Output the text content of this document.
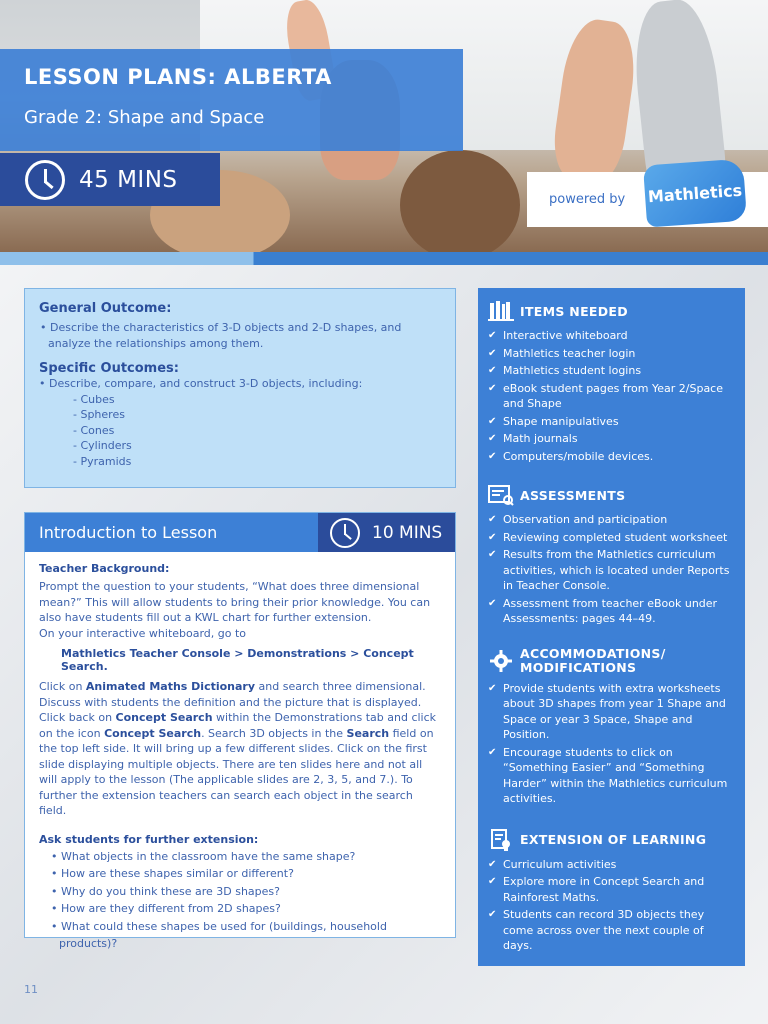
LESSON PLANS: ALBERTA
Grade 2: Shape and Space
45 MINS
powered by Mathletics
General Outcome:

• Describe the characteristics of 3-D objects and 2-D shapes, and analyze the relationships among them.

Specific Outcomes:

• Describe, compare, and construct 3-D objects, including:

- Cubes
- Spheres
- Cones
- Cylinders
- Pyramids
Introduction to Lesson	10 MINS
Teacher Background:

Prompt the question to your students, “What does three dimensional mean?” This will allow students to bring their prior knowledge. You can also have students fill out a KWL chart for further extension.

On your interactive whiteboard, go to

Mathletics Teacher Console > Demonstrations > Concept Search.

Click on Animated Maths Dictionary and search three dimensional. Discuss with students the definition and the picture that is displayed. Click back on Concept Search within the Demonstrations tab and click on the icon Concept Search. Search 3D objects in the Search field on the top left side. It will bring up a few different slides. Click on the first slide displaying multiple objects. There are ten slides here and not all will apply to the lesson (The applicable slides are 2, 3, 5, and 7.). To further the extension teachers can search each object in the search field.

Ask students for further extension:
• What objects in the classroom have the same shape?
• How are these shapes similar or different?
• Why do you think these are 3D shapes?
• How are they different from 2D shapes?
• What could these shapes be used for (buildings, household products)?
ITEMS NEEDED
✔ Interactive whiteboard
✔ Mathletics teacher login
✔ Mathletics student logins
✔ eBook student pages from Year 2/Space and Shape
✔ Shape manipulatives
✔ Math journals
✔ Computers/mobile devices.
ASSESSMENTS
✔ Observation and participation
✔ Reviewing completed student worksheet
✔ Results from the Mathletics curriculum activities, which is located under Reports in Teacher Console.
✔ Assessment from teacher eBook under Assessments: pages 44–49.
ACCOMMODATIONS/
MODIFICATIONS
✔ Provide students with extra worksheets about 3D shapes from year 1 Shape and Space or year 3 Space, Shape and Position.
✔ Encourage students to click on “Something Easier” and “Something Harder” within the Mathletics curriculum activities.
EXTENSION OF LEARNING
✔ Curriculum activities
✔ Explore more in Concept Search and Rainforest Maths.
✔ Students can record 3D objects they come across over the next couple of days.
11
